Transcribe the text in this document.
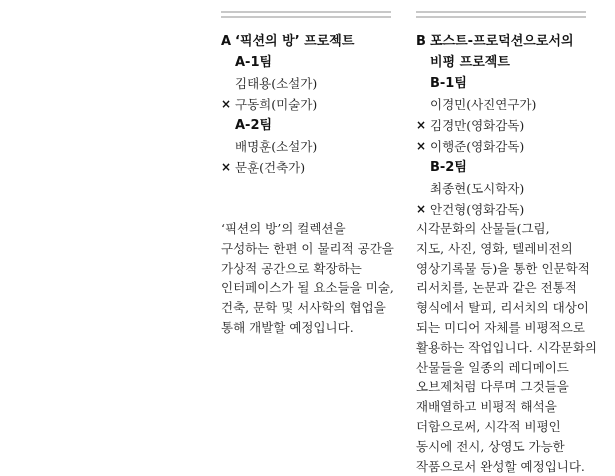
A ‘픽션의 방’ 프로젝트
A-1팀
김태용(소설가)
× 구동희(미술가)
A-2팀
배명훈(소설가)
× 문훈(건축가)
B 포스트-프로덕션으로서의
비평 프로젝트
B-1팀
이경민(사진연구가)
× 김경만(영화감독)
× 이행준(영화감독)
B-2팀
최종현(도시학자)
× 안건형(영화감독)
‘픽션의 방’의 컬렉션을
구성하는 한편 이 물리적 공간을
가상적 공간으로 확장하는
인터페이스가 될 요소들을 미술,
건축, 문학 및 서사학의 협업을
통해 개발할 예정입니다.
시각문화의 산물들(그림,
지도, 사진, 영화, 텔레비전의
영상기록물 등)을 통한 인문학적
리서치를, 논문과 같은 전통적
형식에서 탈피, 리서치의 대상이
되는 미디어 자체를 비평적으로
활용하는 작업입니다. 시각문화의
산물들을 일종의 레디메이드
오브제처럼 다루며 그것들을
재배열하고 비평적 해석을
더함으로써, 시각적 비평인
동시에 전시, 상영도 가능한
작품으로서 완성할 예정입니다.
